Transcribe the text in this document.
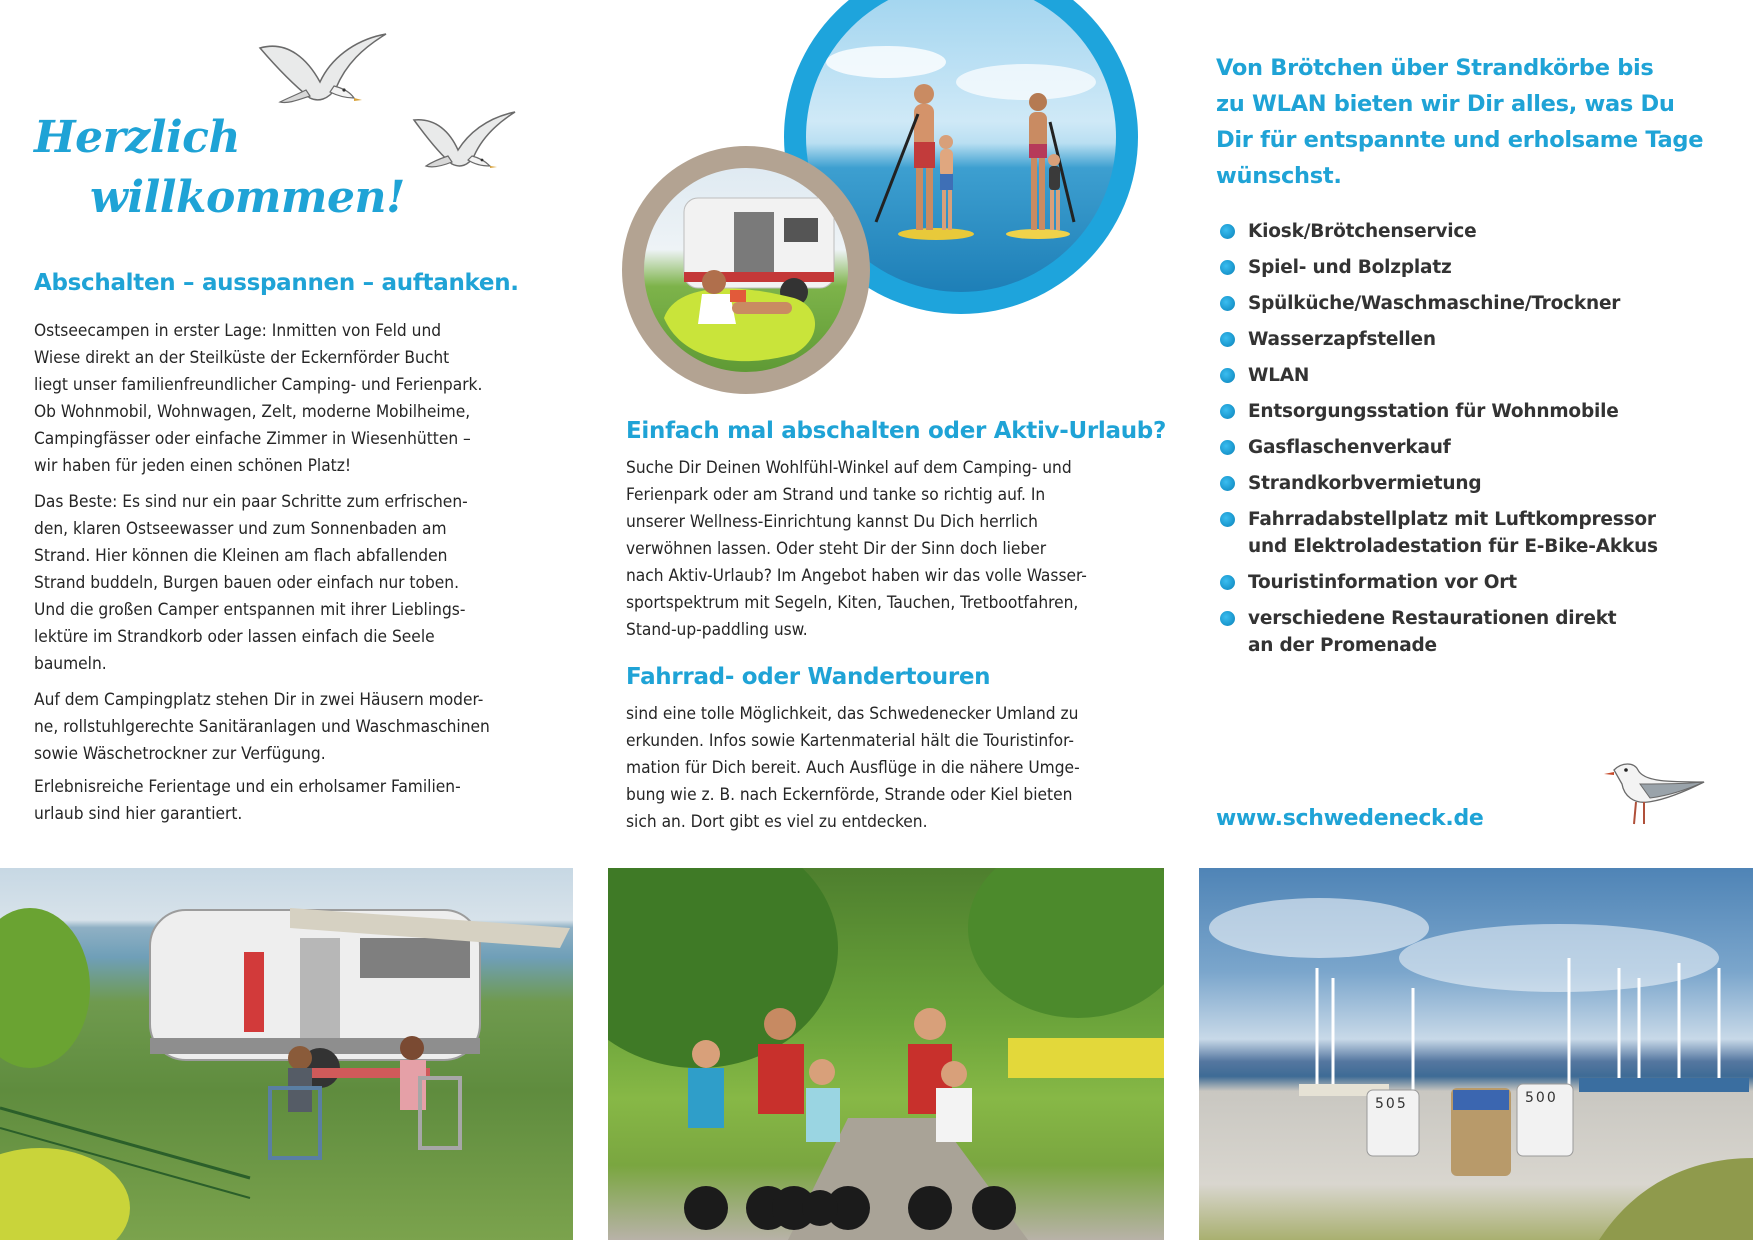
Herzlich
willkommen!
Abschalten – ausspannen – auftanken.

Ostseecampen in erster Lage: Inmitten von Feld und
Wiese direkt an der Steilküste der Eckernförder Bucht
liegt unser familienfreundlicher Camping- und Ferienpark.
Ob Wohnmobil, Wohnwagen, Zelt, moderne Mobilheime,
Campingfässer oder einfache Zimmer in Wiesenhütten –
wir haben für jeden einen schönen Platz!

Das Beste: Es sind nur ein paar Schritte zum erfrischen-
den, klaren Ostseewasser und zum Sonnenbaden am
Strand. Hier können die Kleinen am flach abfallenden
Strand buddeln, Burgen bauen oder einfach nur toben.
Und die großen Camper entspannen mit ihrer Lieblings-
lektüre im Strandkorb oder lassen einfach die Seele
baumeln.

Auf dem Campingplatz stehen Dir in zwei Häusern moder-
ne, rollstuhlgerechte Sanitäranlagen und Waschmaschinen
sowie Wäschetrockner zur Verfügung.

Erlebnisreiche Ferientage und ein erholsamer Familien-
urlaub sind hier garantiert.

Einfach mal abschalten oder Aktiv-Urlaub?

Suche Dir Deinen Wohlfühl-Winkel auf dem Camping- und
Ferienpark oder am Strand und tanke so richtig auf. In
unserer Wellness-Einrichtung kannst Du Dich herrlich
verwöhnen lassen. Oder steht Dir der Sinn doch lieber
nach Aktiv-Urlaub? Im Angebot haben wir das volle Wasser-
sportspektrum mit Segeln, Kiten, Tauchen, Tretbootfahren,
Stand-up-paddling usw.

Fahrrad- oder Wandertouren

sind eine tolle Möglichkeit, das Schwedenecker Umland zu
erkunden. Infos sowie Kartenmaterial hält die Touristinfor-
mation für Dich bereit. Auch Ausflüge in die nähere Umge-
bung wie z. B. nach Eckernförde, Strande oder Kiel bieten
sich an. Dort gibt es viel zu entdecken.

Von Brötchen über Strandkörbe bis
zu WLAN bieten wir Dir alles, was Du
Dir für entspannte und erholsame Tage
wünschst.
Kiosk/Brötchenservice
Spiel- und Bolzplatz
Spülküche/Waschmaschine/Trockner
Wasserzapfstellen
WLAN
Entsorgungsstation für Wohnmobile
Gasflaschenverkauf
Strandkorbvermietung
Fahrradabstellplatz mit Luftkompressor
und Elektroladestation für E-Bike-Akkus
Touristinformation vor Ort
verschiedene Restaurationen direkt
an der Promenade
www.schwedeneck.de
505	500
